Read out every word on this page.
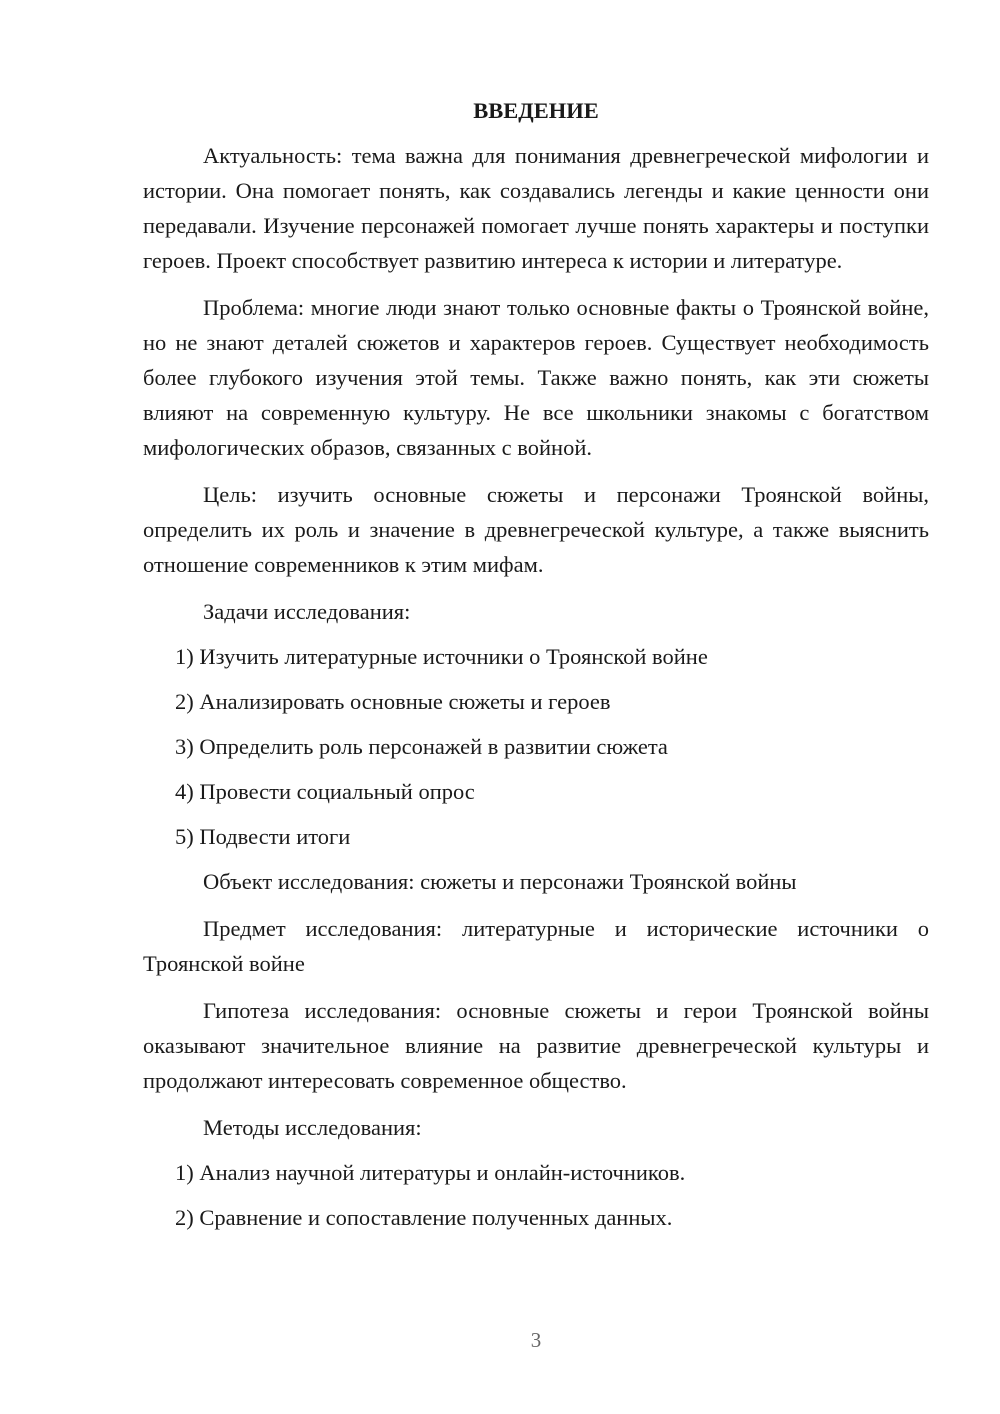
ВВЕДЕНИЕ
Актуальность: тема важна для понимания древнегреческой мифологии и истории. Она помогает понять, как создавались легенды и какие ценности они передавали. Изучение персонажей помогает лучше понять характеры и поступки героев. Проект способствует развитию интереса к истории и литературе.
Проблема: многие люди знают только основные факты о Троянской войне, но не знают деталей сюжетов и характеров героев. Существует необходимость более глубокого изучения этой темы. Также важно понять, как эти сюжеты влияют на современную культуру. Не все школьники знакомы с богатством мифологических образов, связанных с войной.
Цель: изучить основные сюжеты и персонажи Троянской войны, определить их роль и значение в древнегреческой культуре, а также выяснить отношение современников к этим мифам.
Задачи исследования:
1) Изучить литературные источники о Троянской войне
2) Анализировать основные сюжеты и героев
3) Определить роль персонажей в развитии сюжета
4) Провести социальный опрос
5) Подвести итоги
Объект исследования: сюжеты и персонажи Троянской войны
Предмет исследования: литературные и исторические источники о Троянской войне
Гипотеза исследования: основные сюжеты и герои Троянской войны оказывают значительное влияние на развитие древнегреческой культуры и продолжают интересовать современное общество.
Методы исследования:
1) Анализ научной литературы и онлайн-источников.
2) Сравнение и сопоставление полученных данных.
3
